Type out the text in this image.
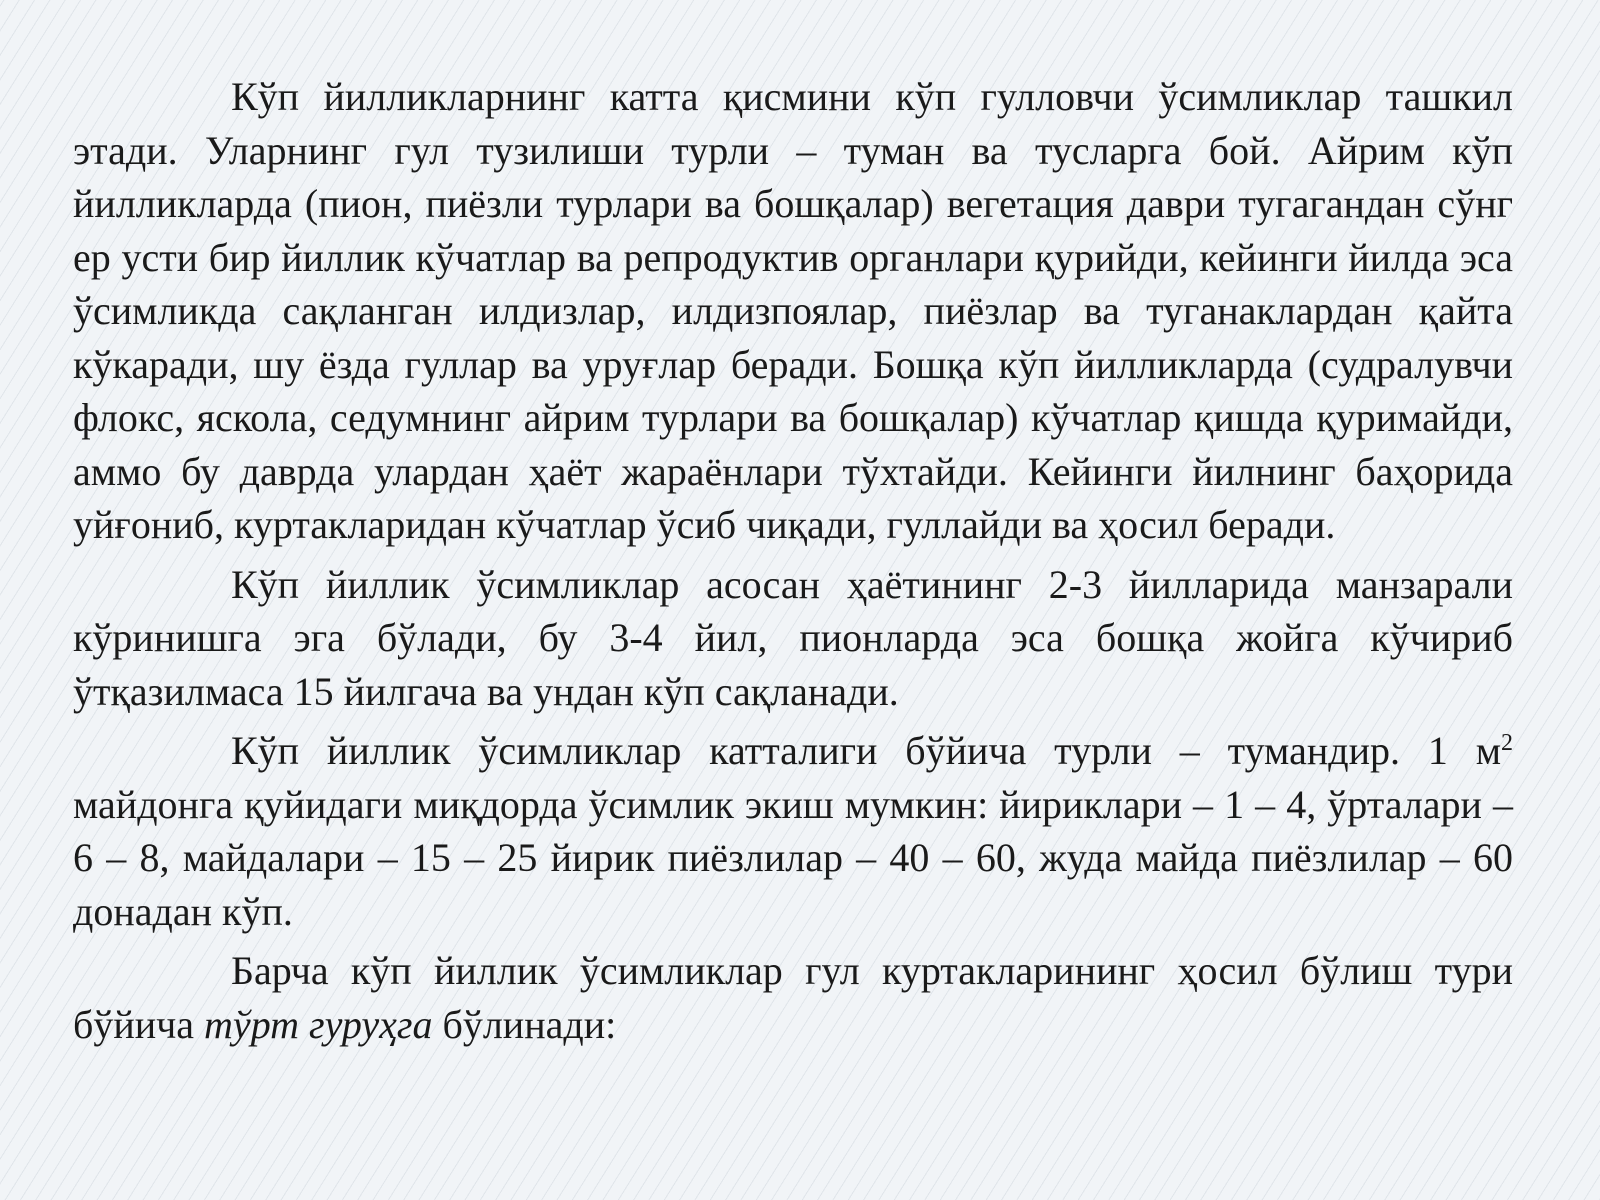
Кўп йилликларнинг катта қисмини кўп гулловчи ўсимликлар ташкил этади. Уларнинг гул тузилиши турли – туман ва тусларга бой. Айрим кўп йилликларда (пион, пиёзли турлари ва бошқалар) вегетация даври тугагандан сўнг ер усти бир йиллик кўчатлар ва репродуктив органлари қурийди, кейинги йилда эса ўсимликда сақланган илдизлар, илдизпоялар, пиёзлар ва туганаклардан қайта кўкаради, шу ёзда гуллар ва уруғлар беради. Бошқа кўп йилликларда (судралувчи флокс, яскола, седумнинг айрим турлари ва бошқалар) кўчатлар қишда қуримайди, аммо бу даврда улардан ҳаёт жараёнлари тўхтайди. Кейинги йилнинг баҳорида уйғониб, куртакларидан кўчатлар ўсиб чиқади, гуллайди ва ҳосил беради.

Кўп йиллик ўсимликлар асосан ҳаётининг 2-3 йилларида манзарали кўринишга эга бўлади, бу 3-4 йил, пионларда эса бошқа жойга кўчириб ўтқазилмаса 15 йилгача ва ундан кўп сақланади.

Кўп йиллик ўсимликлар катталиги бўйича турли – тумандир. 1 $м^2$ майдонга қуйидаги миқдорда ўсимлик экиш мумкин: йириклари – 1 – 4, ўрталари – 6 – 8, майдалари – 15 – 25 йирик пиёзлилар – 40 – 60, жуда майда пиёзлилар – 60 донадан кўп.

Барча кўп йиллик ўсимликлар гул куртакларининг ҳосил бўлиш тури бўйича тўрт гуруҳга бўлинади:
